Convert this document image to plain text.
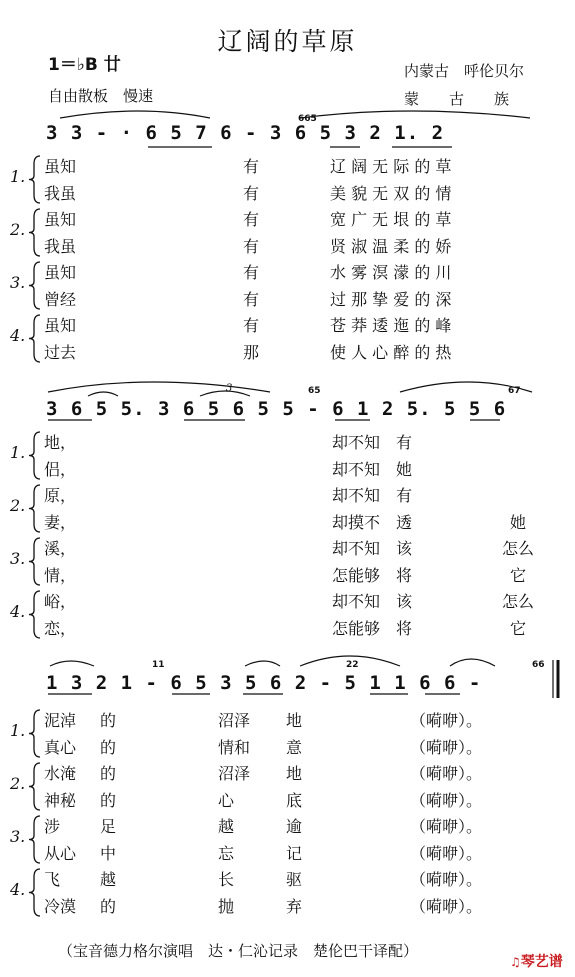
辽阔的草原
1＝♭B 廿
自由散板　慢速
内蒙古　呼伦贝尔
蒙　　古　　族
3 3 - · 6 5 7 6 - 3 6 5 3 2 1. 2
665
1.
虽知	有	辽 阔 无 际 的 草
我虽	有	美 貌 无 双 的 情
2.
虽知	有	宽 广 无 垠 的 草
我虽	有	贤 淑 温 柔 的 娇
3.
虽知	有	水 雾 溟 濛 的 川
曾经	有	过 那 挚 爱 的 深
4.
虽知	有	苍 莽 逶 迤 的 峰
过去	那	使 人 心 醉 的 热
3 6 5 5. 3 6 5 6 5 5 - 6 1 2 5. 5 5 6
65	67
3
1.
地，	却不知　有
侣，	却不知　她
2.
原，	却不知　有
妻，	却摸不　透	她
3.
溪，	却不知　该	怎么
情，	怎能够　将	它
4.
峪，	却不知　该	怎么
恋，	怎能够　将	它
1 3 2 1 - 6 5 3 5 6 2 - 5 1 1 6 6 -
11	22	66
1.
泥淖 的	沼泽 地	（嗬咿）。
真心 的	情和 意	（嗬咿）。
2.
水淹 的	沼泽 地	（嗬咿）。
神秘 的	心	底	（嗬咿）。
3.
涉 足	越	逾	（嗬咿）。
从心 中	忘	记	（嗬咿）。
4.
飞 越	长	驱	（嗬咿）。
冷漠 的	抛	弃	（嗬咿）。
（宝音德力格尔演唱　达・仁沁记录　楚伦巴干译配）
♫琴艺谱
